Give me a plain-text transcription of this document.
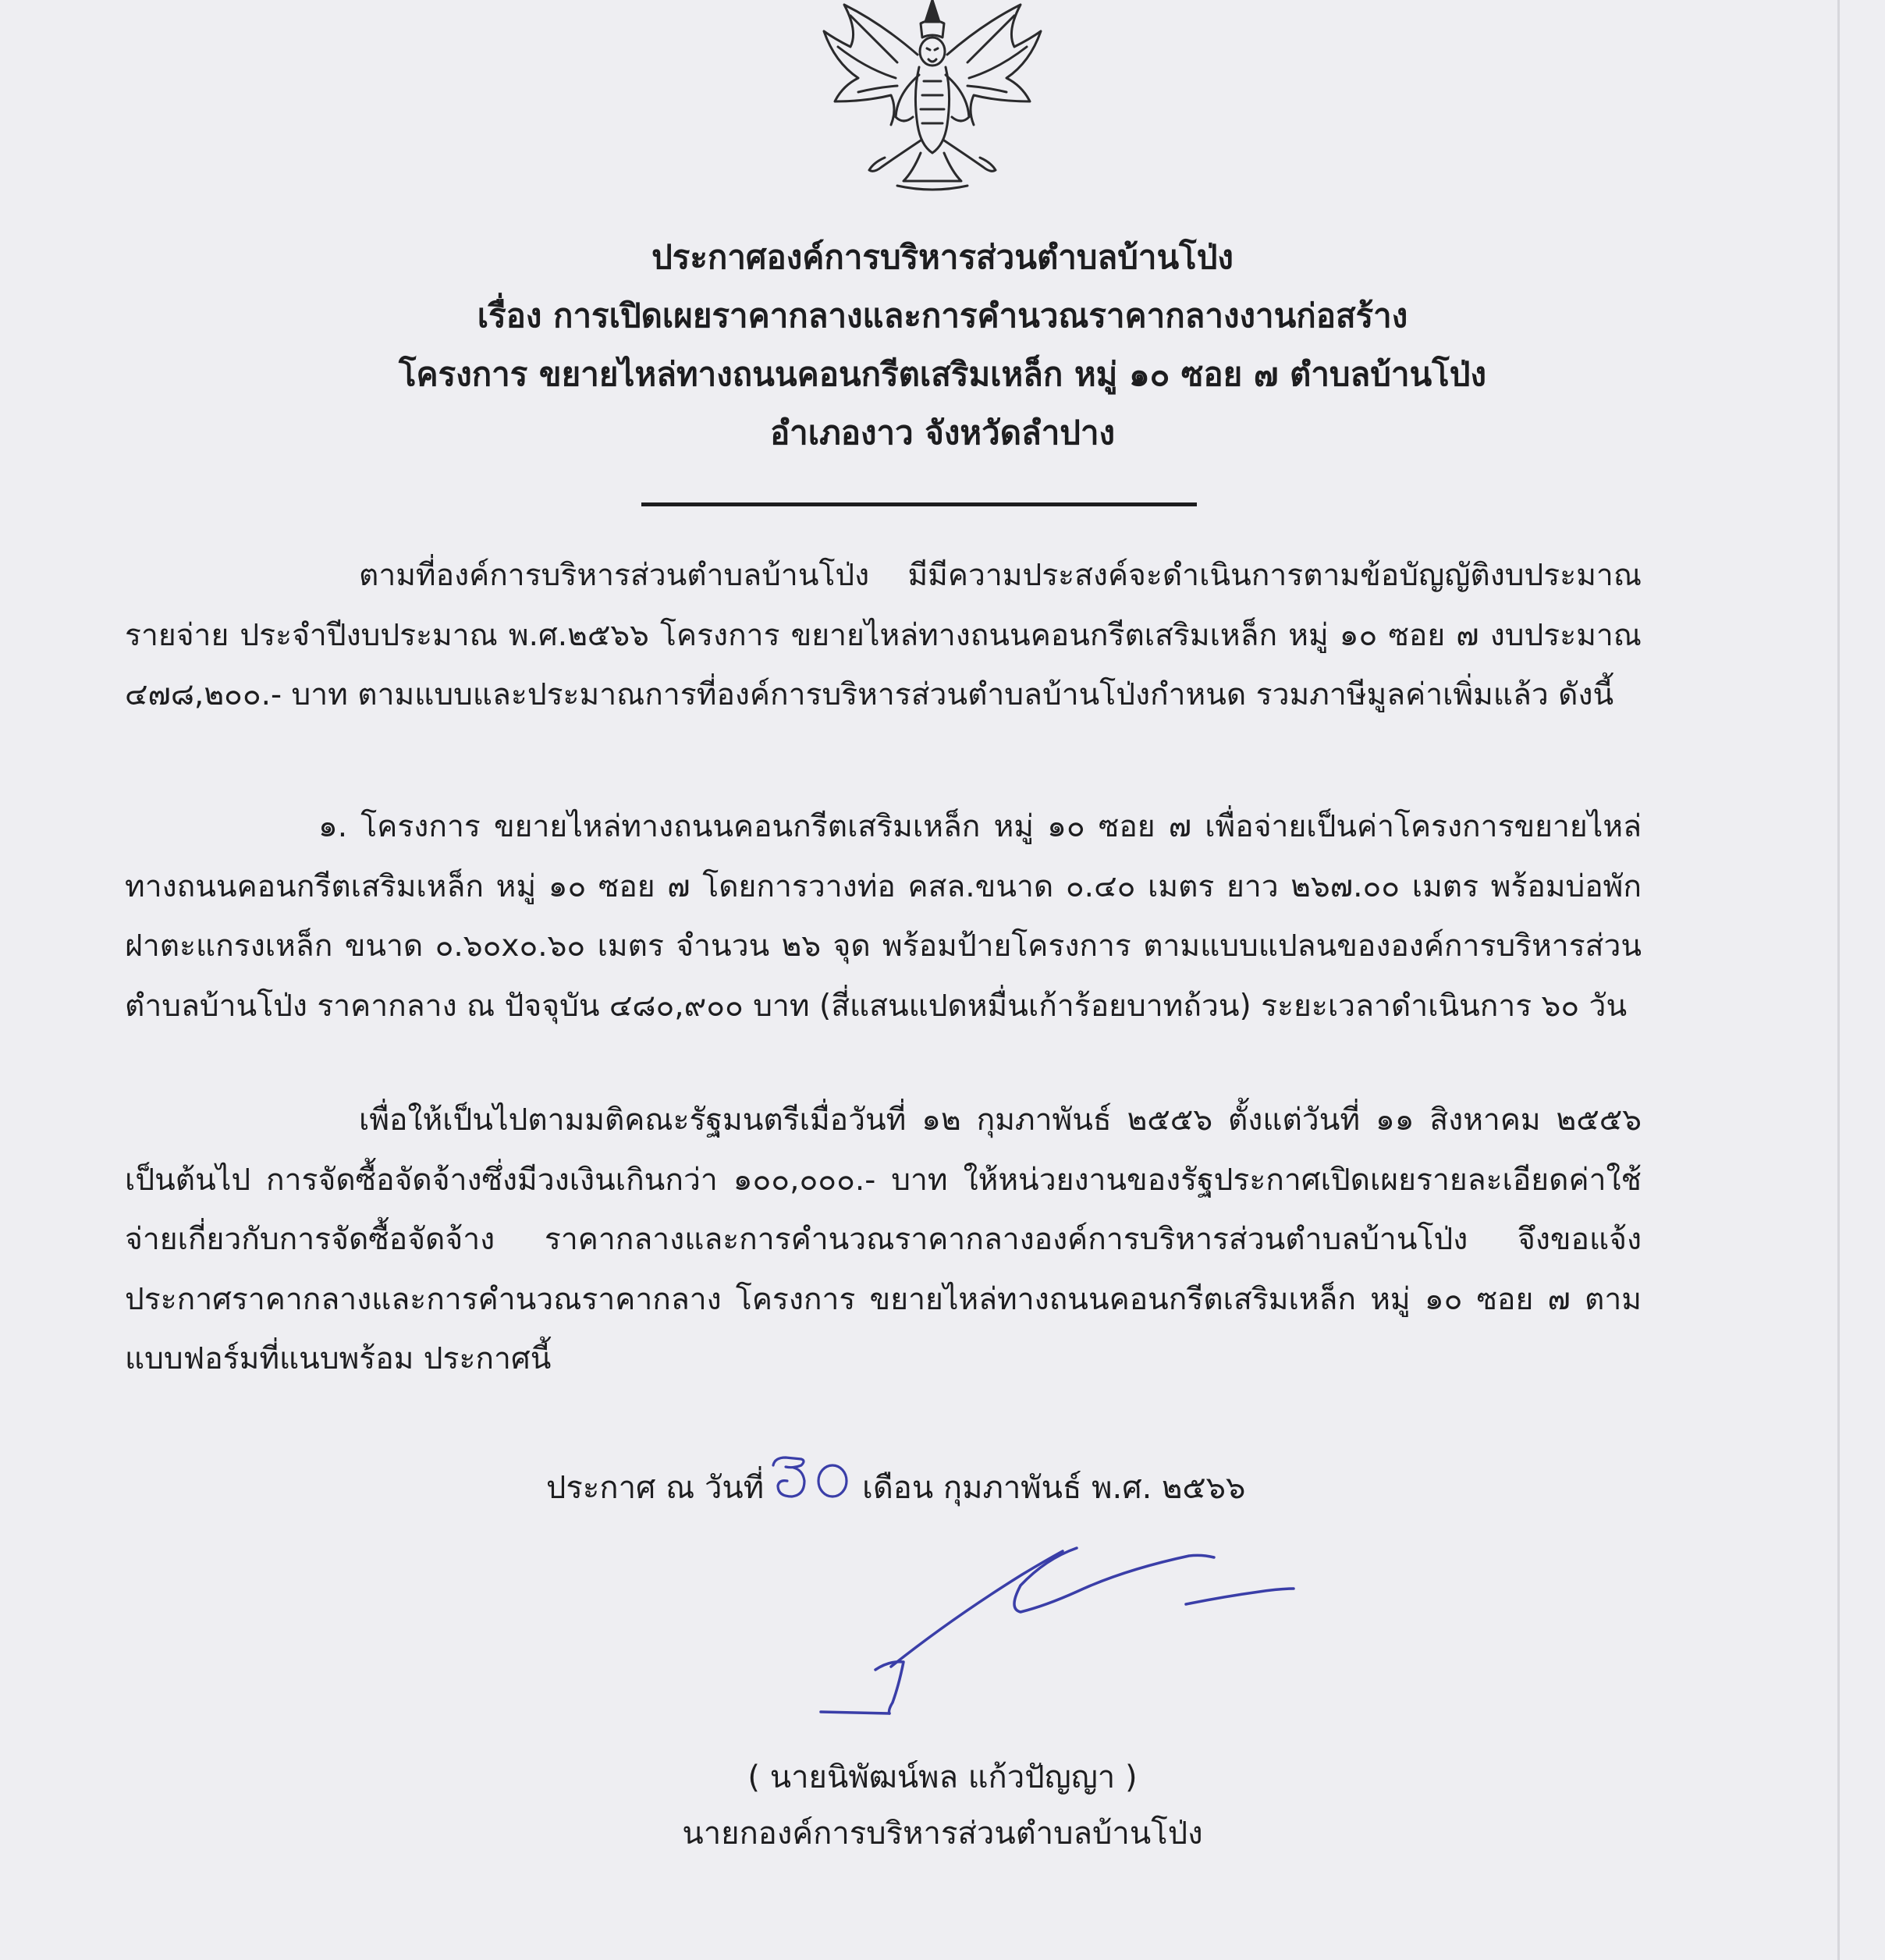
ประกาศองค์การบริหารส่วนตำบลบ้านโป่ง
เรื่อง การเปิดเผยราคากลางและการคำนวณราคากลางงานก่อสร้าง
โครงการ ขยายไหล่ทางถนนคอนกรีตเสริมเหล็ก หมู่ ๑๐ ซอย ๗ ตำบลบ้านโป่ง
อำเภองาว จังหวัดลำปาง

ตามที่องค์การบริหารส่วนตำบลบ้านโป่ง มีมีความประสงค์จะดำเนินการตามข้อบัญญัติงบประมาณรายจ่าย ประจำปีงบประมาณ พ.ศ.๒๕๖๖ โครงการ ขยายไหล่ทางถนนคอนกรีตเสริมเหล็ก หมู่ ๑๐ ซอย ๗ งบประมาณ ๔๗๘,๒๐๐.- บาท ตามแบบและประมาณการที่องค์การบริหารส่วนตำบลบ้านโป่งกำหนด รวมภาษีมูลค่าเพิ่มแล้ว ดังนี้

๑. โครงการ ขยายไหล่ทางถนนคอนกรีตเสริมเหล็ก หมู่ ๑๐ ซอย ๗ เพื่อจ่ายเป็นค่าโครงการขยายไหล่ทางถนนคอนกรีตเสริมเหล็ก หมู่ ๑๐ ซอย ๗ โดยการวางท่อ คสล.ขนาด ๐.๔๐ เมตร ยาว ๒๖๗.๐๐ เมตร พร้อมบ่อพักฝาตะแกรงเหล็ก ขนาด ๐.๖๐x๐.๖๐ เมตร จำนวน ๒๖ จุด พร้อมป้ายโครงการ ตามแบบแปลนขององค์การบริหารส่วนตำบลบ้านโป่ง ราคากลาง ณ ปัจจุบัน ๔๘๐,๙๐๐ บาท (สี่แสนแปดหมื่นเก้าร้อยบาทถ้วน) ระยะเวลาดำเนินการ ๖๐ วัน

เพื่อให้เป็นไปตามมติคณะรัฐมนตรีเมื่อวันที่ ๑๒ กุมภาพันธ์ ๒๕๕๖ ตั้งแต่วันที่ ๑๑ สิงหาคม ๒๕๕๖ เป็นต้นไป การจัดซื้อจัดจ้างซึ่งมีวงเงินเกินกว่า ๑๐๐,๐๐๐.- บาท ให้หน่วยงานของรัฐประกาศเปิดเผยรายละเอียดค่าใช้จ่ายเกี่ยวกับการจัดซื้อจัดจ้าง ราคากลางและการคำนวณราคากลางองค์การบริหารส่วนตำบลบ้านโป่ง จึงขอแจ้งประกาศราคากลางและการคำนวณราคากลาง โครงการ ขยายไหล่ทางถนนคอนกรีตเสริมเหล็ก หมู่ ๑๐ ซอย ๗ ตามแบบฟอร์มที่แนบพร้อม ประกาศนี้

ประกาศ ณ วันที่	เดือน กุมภาพันธ์ พ.ศ. ๒๕๖๖
( นายนิพัฒน์พล แก้วปัญญา )
นายกองค์การบริหารส่วนตำบลบ้านโป่ง
